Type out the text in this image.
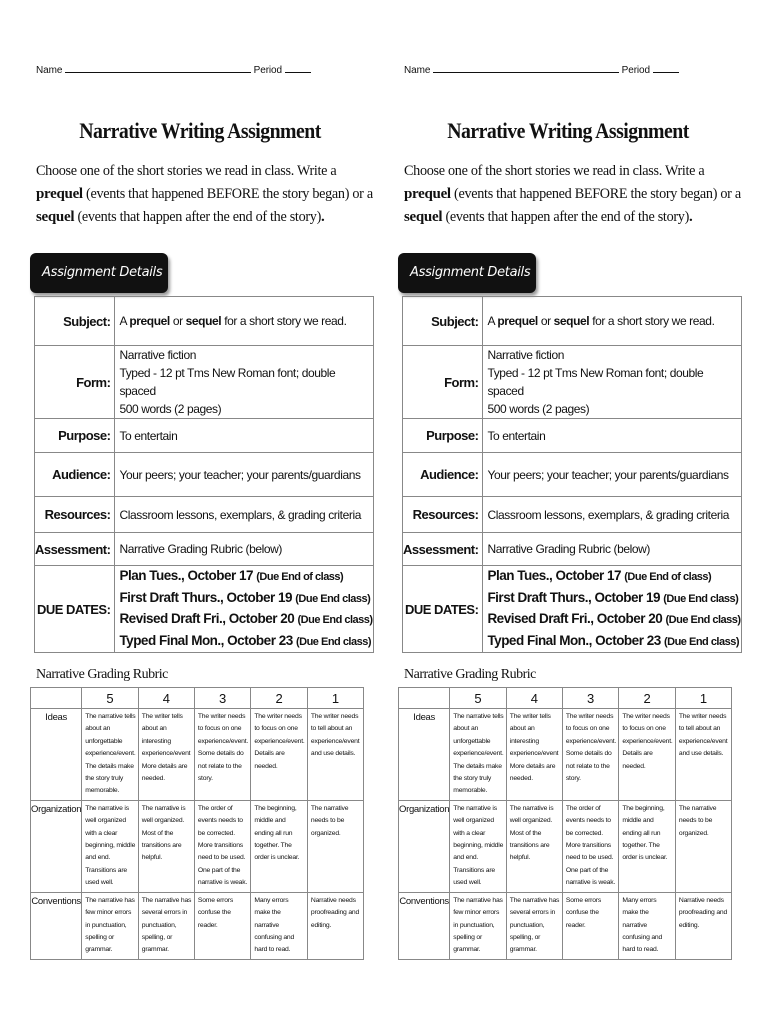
Name	Period
Narrative Writing Assignment
Choose one of the short stories we read in class. Write a prequel (events that happened BEFORE the story began) or a sequel (events that happen after the end of the story).
Assignment Details
Subject:	A prequel or sequel for a short story we read.
Form:	Narrative fiction
Typed - 12 pt Tms New Roman font; double spaced
500 words (2 pages)

Purpose:	To entertain
Audience:	Your peers; your teacher; your parents/guardians
Resources:	Classroom lessons, exemplars, & grading criteria
Assessment:	Narrative Grading Rubric (below)
DUE DATES:	Plan Tues., October 17 (Due End of class)
First Draft Thurs., October 19 (Due End class)
Revised Draft Fri., October 20 (Due End class)
Typed Final Mon., October 23 (Due End class)
Narrative Grading Rubric
	5	4	3	2	1
Ideas	The narrative tells about an unforgettable experience/event. The details make the story truly memorable.	The writer tells about an interesting experience/event More details are needed.	The writer needs to focus on one experience/event. Some details do not relate to the story.	The writer needs to focus on one experience/event. Details are needed.	The writer needs to tell about an experience/event and use details.
Organization	The narrative is well organized with a clear beginning, middle and end. Transitions are used well.	The narrative is well organized. Most of the transitions are helpful.	The order of events needs to be corrected. More transitions need to be used. One part of the narrative is weak.	The beginning, middle and ending all run together. The order is unclear.	The narrative needs to be organized.
Conventions	The narrative has few minor errors in punctuation, spelling or grammar.	The narrative has several errors in punctuation, spelling, or grammar.	Some errors confuse the reader.	Many errors make the narrative confusing and hard to read.	Narrative needs proofreading and editing.
Name	Period
Narrative Writing Assignment
Choose one of the short stories we read in class. Write a prequel (events that happened BEFORE the story began) or a sequel (events that happen after the end of the story).
Assignment Details
Subject:	A prequel or sequel for a short story we read.
Form:	Narrative fiction
Typed - 12 pt Tms New Roman font; double spaced
500 words (2 pages)

Purpose:	To entertain
Audience:	Your peers; your teacher; your parents/guardians
Resources:	Classroom lessons, exemplars, & grading criteria
Assessment:	Narrative Grading Rubric (below)
DUE DATES:	Plan Tues., October 17 (Due End of class)
First Draft Thurs., October 19 (Due End class)
Revised Draft Fri., October 20 (Due End class)
Typed Final Mon., October 23 (Due End class)
Narrative Grading Rubric
	5	4	3	2	1
Ideas	The narrative tells about an unforgettable experience/event. The details make the story truly memorable.	The writer tells about an interesting experience/event More details are needed.	The writer needs to focus on one experience/event. Some details do not relate to the story.	The writer needs to focus on one experience/event. Details are needed.	The writer needs to tell about an experience/event and use details.
Organization	The narrative is well organized with a clear beginning, middle and end. Transitions are used well.	The narrative is well organized. Most of the transitions are helpful.	The order of events needs to be corrected. More transitions need to be used. One part of the narrative is weak.	The beginning, middle and ending all run together. The order is unclear.	The narrative needs to be organized.
Conventions	The narrative has few minor errors in punctuation, spelling or grammar.	The narrative has several errors in punctuation, spelling, or grammar.	Some errors confuse the reader.	Many errors make the narrative confusing and hard to read.	Narrative needs proofreading and editing.
